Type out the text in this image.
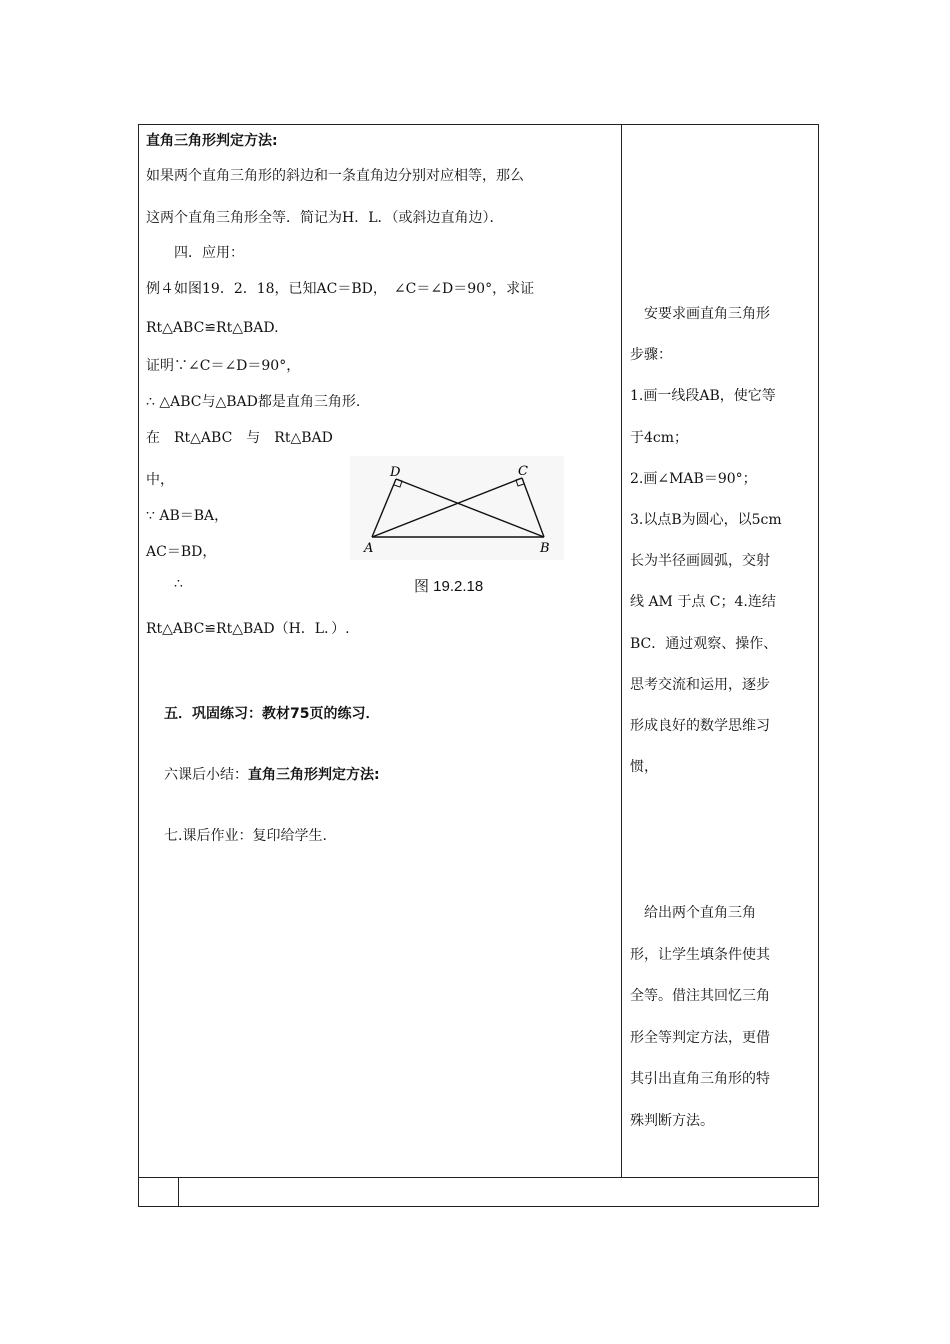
直角三角形判定方法:
如果两个直角三角形的斜边和一条直角边分别对应相等，那么
这两个直角三角形全等．简记为H．L．（或斜边直角边）．
四．应用：
例４如图19．2．18，已知AC＝BD，　∠C＝∠D＝90°，求证
Rt△ABC≌Rt△BAD.
证明∵∠C＝∠D＝90°，
∴ △ABC与△BAD都是直角三角形.
在　Rt△ABC　与　Rt△BAD
中，
∵ AB＝BA，
AC＝BD，
∴
Rt△ABC≌Rt△BAD（H．L．）.
五．巩固练习：教材75页的练习．
六课后小结：直角三角形判定方法:
七.课后作业：复印给学生.
D	C
A	B
图 19.2.18
　安要求画直角三角形
步骤：
1.画一线段AB，使它等
于4cm；
2.画∠MAB＝90°；
3.以点B为圆心，以5cm
长为半径画圆弧，交射
线 AM 于点 C；4.连结
BC．通过观察、操作、
思考交流和运用，逐步
形成良好的数学思维习
惯，
　给出两个直角三角
形，让学生填条件使其
全等。借注其回忆三角
形全等判定方法，更借
其引出直角三角形的特
殊判断方法。
